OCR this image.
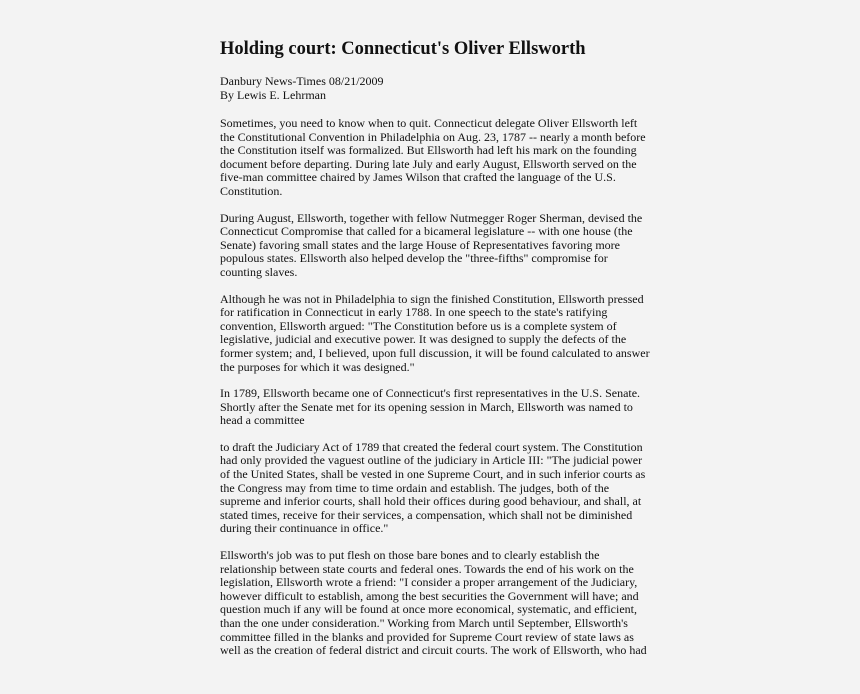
Holding court: Connecticut's Oliver Ellsworth
Danbury News-Times 08/21/2009
By Lewis E. Lehrman

Sometimes, you need to know when to quit. Connecticut delegate Oliver Ellsworth left the Constitutional Convention in Philadelphia on Aug. 23, 1787 -- nearly a month before the Constitution itself was formalized. But Ellsworth had left his mark on the founding document before departing. During late July and early August, Ellsworth served on the five-man committee chaired by James Wilson that crafted the language of the U.S. Constitution.

During August, Ellsworth, together with fellow Nutmegger Roger Sherman, devised the Connecticut Compromise that called for a bicameral legislature -- with one house (the Senate) favoring small states and the large House of Representatives favoring more populous states. Ellsworth also helped develop the "three-fifths" compromise for counting slaves.

Although he was not in Philadelphia to sign the finished Constitution, Ellsworth pressed for ratification in Connecticut in early 1788. In one speech to the state's ratifying convention, Ellsworth argued: "The Constitution before us is a complete system of legislative, judicial and executive power. It was designed to supply the defects of the former system; and, I believed, upon full discussion, it will be found calculated to answer the purposes for which it was designed."

In 1789, Ellsworth became one of Connecticut's first representatives in the U.S. Senate. Shortly after the Senate met for its opening session in March, Ellsworth was named to head a committee

to draft the Judiciary Act of 1789 that created the federal court system. The Constitution had only provided the vaguest outline of the judiciary in Article III: "The judicial power of the United States, shall be vested in one Supreme Court, and in such inferior courts as the Congress may from time to time ordain and establish. The judges, both of the supreme and inferior courts, shall hold their offices during good behaviour, and shall, at stated times, receive for their services, a compensation, which shall not be diminished during their continuance in office."

Ellsworth's job was to put flesh on those bare bones and to clearly establish the relationship between state courts and federal ones. Towards the end of his work on the legislation, Ellsworth wrote a friend: "I consider a proper arrangement of the Judiciary, however difficult to establish, among the best securities the Government will have; and question much if any will be found at once more economical, systematic, and efficient, than the one under consideration." Working from March until September, Ellsworth's committee filled in the blanks and provided for Supreme Court review of state laws as well as the creation of federal district and circuit courts. The work of Ellsworth, who had
